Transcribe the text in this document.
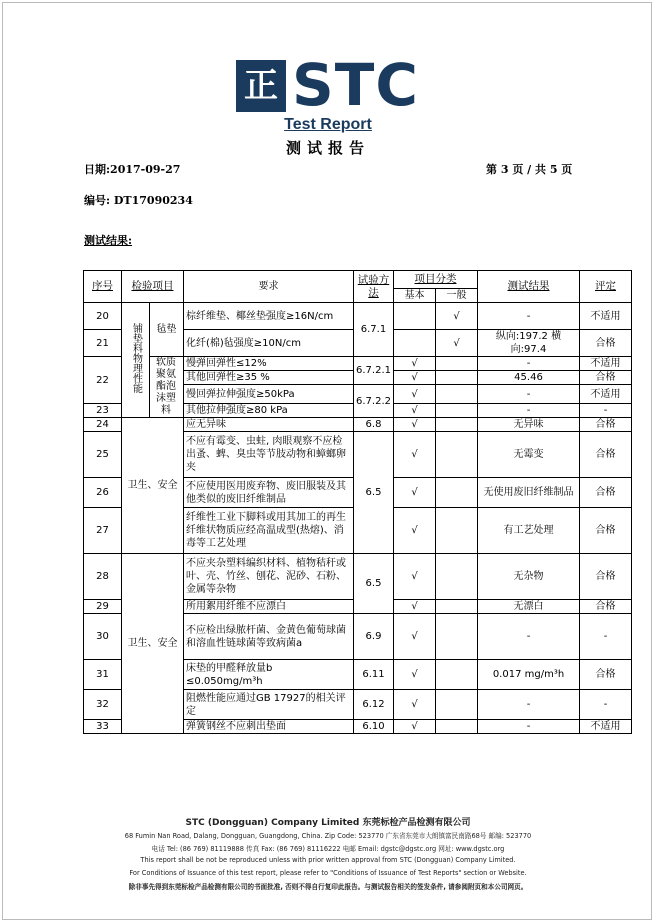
正 STC
Test Report
测试报告
日期:2017-09-27	第 3 页 / 共 5 页
编号: DT17090234
测试结果:
序号	检验项目		要求	试验方法	项目分类		测试结果	评定
					基本	一般		
20	铺垫料物理性能	毡垫	棕纤维垫、椰丝垫强度≥16N/cm	6.7.1		√	-	不适用
21			化纤(棉)毡强度≥10N/cm			√	纵向:197.2 横向:97.4	合格
22		软质聚氨酯泡沫塑料	慢弹回弹性≤12%	6.7.2.1	√		-	不适用
			其他回弹性≥35 %		√		45.46	合格
			慢回弹拉伸强度≥50kPa	6.7.2.2	√		-	不适用
23			其他拉伸强度≥80 kPa		√		-	-
24	卫生、安全		应无异味	6.8	√		无异味	合格
25			不应有霉变、虫蛀, 肉眼观察不应检出蚤、蜱、臭虫等节肢动物和蟑螂卵夹	6.5	√		无霉变	合格
26			不应使用医用废弃物、废旧服装及其他类似的废旧纤维制品		√		无使用废旧纤维制品	合格
27			纤维性工业下脚料或用其加工的再生纤维状物质应经高温成型(热熔)、消毒等工艺处理		√		有工艺处理	合格
28	卫生、安全		不应夹杂塑料编织材料、植物秸秆或叶、壳、竹丝、刨花、泥砂、石粉、金属等杂物	6.5	√		无杂物	合格
29			所用絮用纤维不应漂白		√		无漂白	合格
30			不应检出绿脓杆菌、金黄色葡萄球菌和溶血性链球菌等致病菌a	6.9	√		-	-
31			床垫的甲醛释放量b ≤0.050mg/m³h	6.11	√		0.017 mg/m³h	合格
32			阻燃性能应通过GB 17927的相关评定	6.12	√		-	-
33			弹簧钢丝不应刺出垫面	6.10	√		-	不适用
STC (Dongguan) Company Limited 东莞标检产品检测有限公司
68 Fumin Nan Road, Dalang, Dongguan, Guangdong, China. Zip Code: 523770 广东省东莞市大朗镇富民南路68号 邮编: 523770
电话 Tel: (86 769) 81119888 传真 Fax: (86 769) 81116222 电邮 Email: dgstc@dgstc.org 网址: www.dgstc.org
This report shall be not be reproduced unless with prior written approval from STC (Dongguan) Company Limited.
For Conditions of Issuance of this test report, please refer to "Conditions of Issuance of Test Reports" section or Website.
除非事先得到东莞标检产品检测有限公司的书面批准, 否则不得自行复印此报告。与测试报告相关的签发条件, 请参阅附页和本公司网页。
